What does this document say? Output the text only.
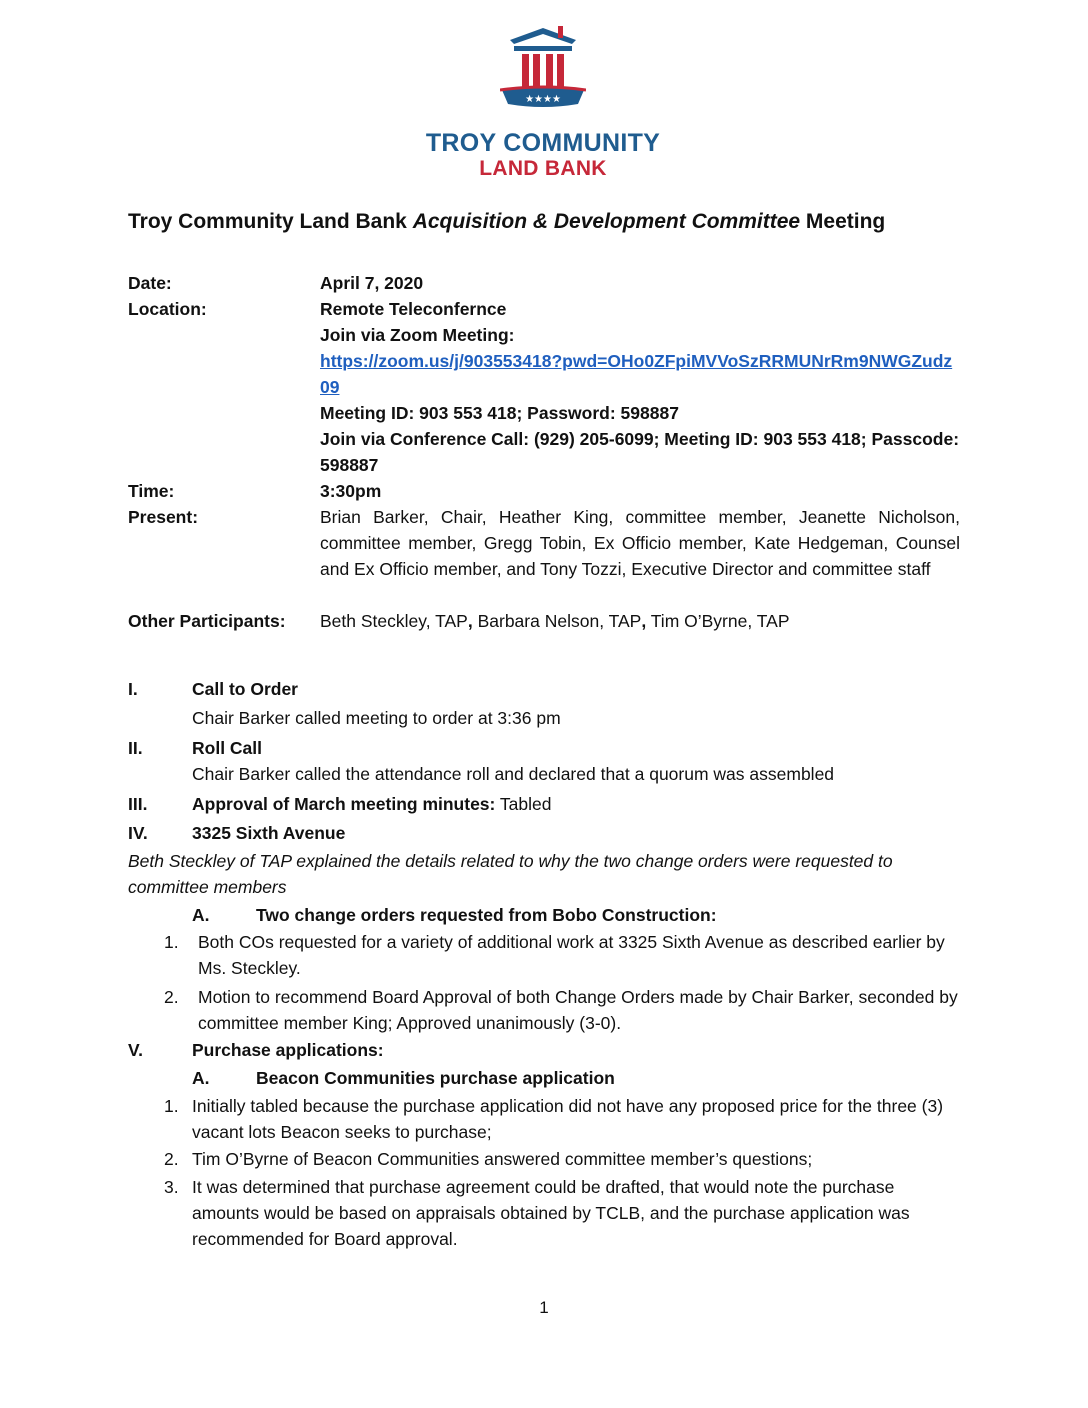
★★★★
TROY COMMUNITY
LAND BANK
Troy Community Land Bank Acquisition & Development Committee Meeting
Date:	April 7, 2020
Location:	Remote Teleconfernce
Join via Zoom Meeting:
https://zoom.us/j/903553418?pwd=OHo0ZFpiMVVoSzRRMUNrRm9NWGZudz09
Meeting ID: 903 553 418; Password: 598887
Join via Conference Call: (929) 205-6099; Meeting ID: 903 553 418; Passcode: 598887
Time:	3:30pm
Present:	Brian Barker, Chair, Heather King, committee member, Jeanette Nicholson, committee member, Gregg Tobin, Ex Officio member, Kate Hedgeman, Counsel and Ex Officio member, and Tony Tozzi, Executive Director and committee staff
Other Participants: Beth Steckley, TAP, Barbara Nelson, TAP, Tim O’Byrne, TAP
I.	Call to Order
Chair Barker called meeting to order at 3:36 pm
II.	Roll Call
Chair Barker called the attendance roll and declared that a quorum was assembled
III.	Approval of March meeting minutes: Tabled
IV.	3325 Sixth Avenue
Beth Steckley of TAP explained the details related to why the two change orders were requested to committee members
A.	Two change orders requested from Bobo Construction:
1. Both COs requested for a variety of additional work at 3325 Sixth Avenue as described earlier by Ms. Steckley.
2. Motion to recommend Board Approval of both Change Orders made by Chair Barker, seconded by committee member King; Approved unanimously (3-0).
V.	Purchase applications:
A.	Beacon Communities purchase application
1. Initially tabled because the purchase application did not have any proposed price for the three (3) vacant lots Beacon seeks to purchase;
2. Tim O’Byrne of Beacon Communities answered committee member’s questions;
3. It was determined that purchase agreement could be drafted, that would note the purchase amounts would be based on appraisals obtained by TCLB, and the purchase application was recommended for Board approval.
1
